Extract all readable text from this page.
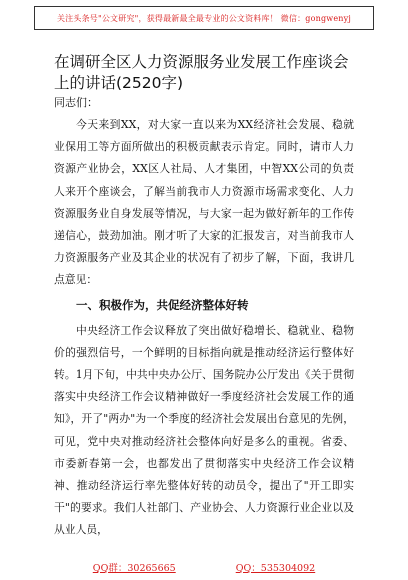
关注头条号"公文研究"，获得最新最全最专业的公文资料库！ 微信：gongwenyj
在调研全区人力资源服务业发展工作座谈会上的讲话(2520字)
同志们：

今天来到XX，对大家一直以来为XX经济社会发展、稳就业保用工等方面所做出的积极贡献表示肯定。同时，请市人力资源产业协会，XX区人社局、人才集团，中智XX公司的负责人来开个座谈会，了解当前我市人力资源市场需求变化、人力资源服务业自身发展等情况，与大家一起为做好新年的工作传递信心，鼓劲加油。刚才听了大家的汇报发言，对当前我市人力资源服务产业及其企业的状况有了初步了解，下面，我讲几点意见：

一、积极作为，共促经济整体好转

中央经济工作会议释放了突出做好稳增长、稳就业、稳物价的强烈信号，一个鲜明的目标指向就是推动经济运行整体好转。1月下旬，中共中央办公厅、国务院办公厅发出《关于贯彻落实中央经济工作会议精神做好一季度经济社会发展工作的通知》，开了"两办"为一个季度的经济社会发展出台意见的先例，可见，党中央对推动经济社会整体向好是多么的重视。省委、市委新春第一会，也都发出了贯彻落实中央经济工作会议精神、推动经济运行率先整体好转的动员令，提出了"开工即实干"的要求。我们人社部门、产业协会、人力资源行业企业以及从业人员，

QQ群：30265665	QQ：535304092
